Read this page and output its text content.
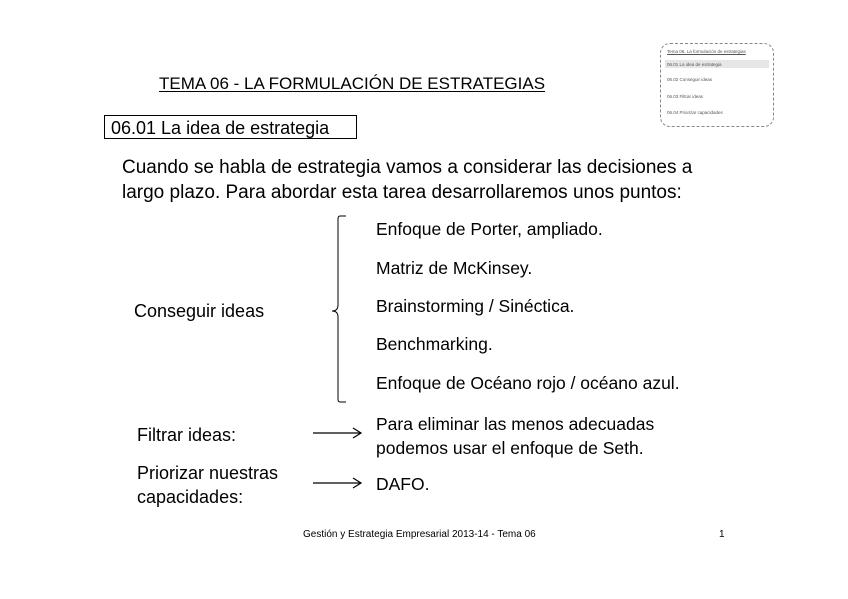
Tema 06. La formulación de estrategias
06.01 La idea de estrategia
06.02 Conseguir ideas
06.03 Filtrar ideas
06.04 Priorizar capacidades
TEMA 06 - LA FORMULACIÓN DE ESTRATEGIAS
06.01 La idea de estrategia
Cuando se habla de estrategia vamos a considerar las decisiones a
largo plazo. Para abordar esta tarea desarrollaremos unos puntos:
Conseguir ideas
Enfoque de Porter, ampliado.
Matriz de McKinsey.
Brainstorming / Sinéctica.
Benchmarking.
Enfoque de Océano rojo / océano azul.
Filtrar ideas:
Para eliminar las menos adecuadas
podemos usar el enfoque de Seth.
Priorizar nuestras
capacidades:
DAFO.
Gestión y Estrategia Empresarial 2013-14 - Tema 06	1
